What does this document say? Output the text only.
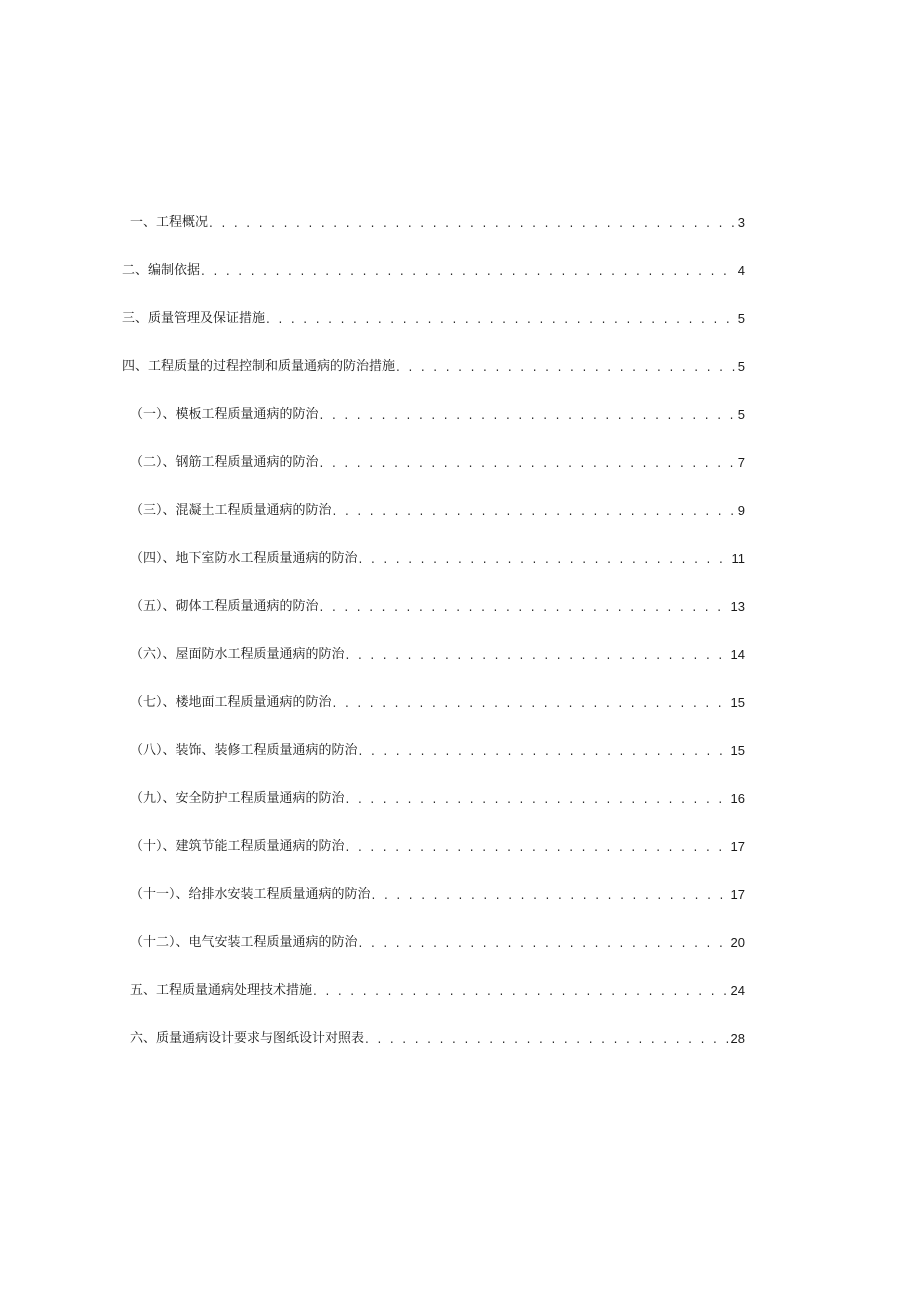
一、工程概况 . . .	3
二、编制依据 . . .	4
三、质量管理及保证措施 . . .	5
四、工程质量的过程控制和质量通病的防治措施 . . .	5
（一）、模板工程质量通病的防治 . . .	5
（二）、钢筋工程质量通病的防治 . . .	7
（三）、混凝土工程质量通病的防治 . . .	9
（四）、地下室防水工程质量通病的防治 . . .	11
（五）、砌体工程质量通病的防治 . . .	13
（六）、屋面防水工程质量通病的防治 . . .	14
（七）、楼地面工程质量通病的防治 . . .	15
（八）、装饰、装修工程质量通病的防治 . . .	15
（九）、安全防护工程质量通病的防治 . . .	16
（十）、建筑节能工程质量通病的防治 . . .	17
（十一）、给排水安装工程质量通病的防治 . . .	17
（十二）、电气安装工程质量通病的防治 . . .	20
五、工程质量通病处理技术措施 . . .	24
六、质量通病设计要求与图纸设计对照表 . . .	28
